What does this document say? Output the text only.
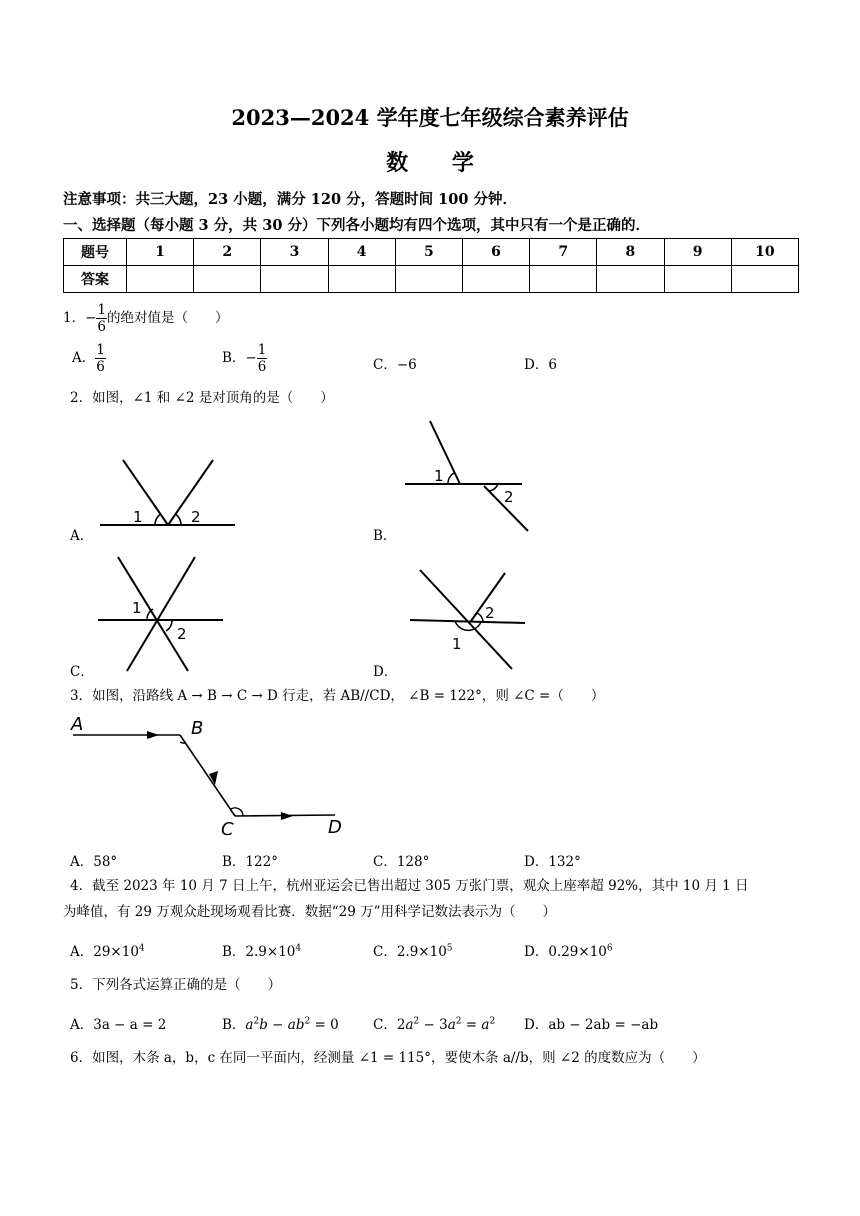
2023—2024 学年度七年级综合素养评估
数 学
注意事项：共三大题，23 小题，满分 120 分，答题时间 100 分钟．
一、选择题（每小题 3 分，共 30 分）下列各小题均有四个选项，其中只有一个是正确的．
题号	1	2	3	4	5	6	7	8	9	10
答案										
1．− $\frac{1}{6}$ 的绝对值是（　　）
A． $\frac{1}{6}$	B．− $\frac{1}{6}$	C．−6	D．6
2．如图，∠1 和 ∠2 是对顶角的是（　　）
A．
1	2
B．
1
2
C．
1
2
D．
1
2
3．如图，沿路线 A → B → C → D 行走，若 AB//CD， ∠B = 122°，则 ∠C =（　　）
A	B
C	D
A．58°	B．122°	C．128°	D．132°
4．截至 2023 年 10 月 7 日上午，杭州亚运会已售出超过 305 万张门票，观众上座率超 92%，其中 10 月 1 日
为峰值，有 29 万观众赴现场观看比赛．数据“29 万”用科学记数法表示为（　　）
A．$29\times 10^4$	B．$2.9\times 10^4$	C．$2.9\times 10^5$	D．$0.29\times 10^6$
5．下列各式运算正确的是（　　）
A．3a − a = 2	B．$a^2b - ab^2 = 0$	C．$2a^2 - 3a^2 = a^2$ D．ab − 2ab = −ab
6．如图，木条 a，b，c 在同一平面内，经测量 ∠1 = 115°，要使木条 a//b，则 ∠2 的度数应为（　　）
